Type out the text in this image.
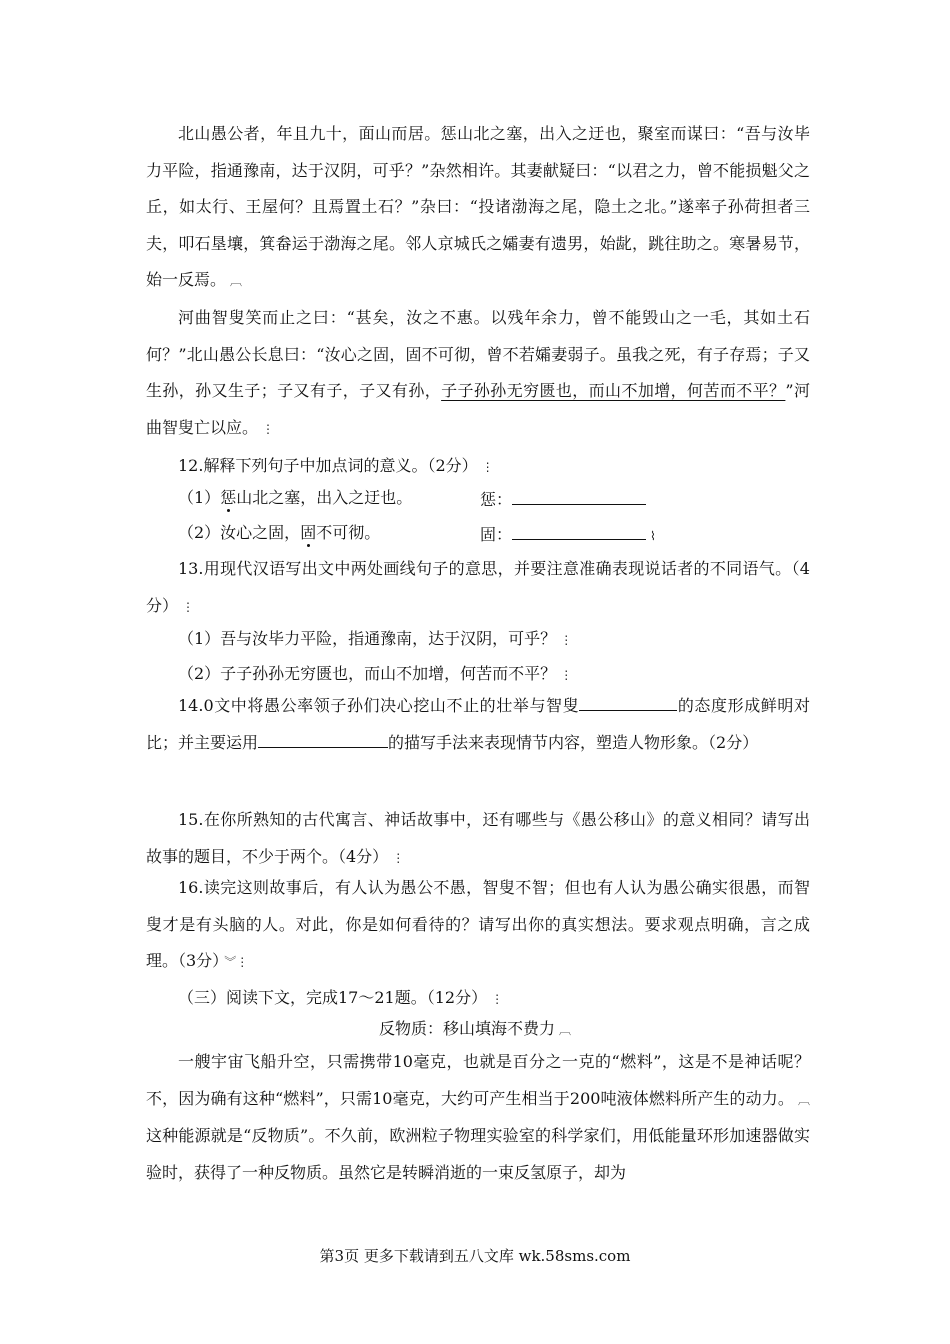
北山愚公者，年且九十，面山而居。惩山北之塞，出入之迂也，聚室而谋曰：“吾与汝毕力平险，指通豫南，达于汉阴，可乎？”杂然相许。其妻献疑曰：“以君之力，曾不能损魁父之丘，如太行、王屋何？且焉置土石？”杂曰：“投诸渤海之尾，隐土之北。”遂率子孙荷担者三夫，叩石垦壤，箕畚运于渤海之尾。邻人京城氏之孀妻有遗男，始龀，跳往助之。寒暑易节，始一反焉。 ︹

河曲智叟笑而止之曰：“甚矣，汝之不惠。以残年余力，曾不能毁山之一毛，其如土石何？”北山愚公长息曰：“汝心之固，固不可彻，曾不若孀妻弱子。虽我之死，有子存焉；子又生孙，孙又生子；子又有子，子又有孙，子子孙孙无穷匮也，而山不加增，何苦而不平？”河曲智叟亡以应。 ⋮

12.解释下列句子中加点词的意义。（2分） ⋮

（1）惩山北之塞，出入之迂也。	惩：

（2）汝心之固，固不可彻。	固：	⌇

13.用现代汉语写出文中两处画线句子的意思，并要注意准确表现说话者的不同语气。（4分） ⋮

（1）吾与汝毕力平险，指通豫南，达于汉阴，可乎？ ⋮

（2）子子孙孙无穷匮也，而山不加增，何苦而不平？ ⋮

14.0文中将愚公率领子孙们决心挖山不止的壮举与智叟	的态度形成鲜明对比；并主要运用	的描写手法来表现情节内容，塑造人物形象。（2分）

15.在你所熟知的古代寓言、神话故事中，还有哪些与《愚公移山》的意义相同？请写出故事的题目，不少于两个。（4分） ⋮

16.读完这则故事后，有人认为愚公不愚，智叟不智；但也有人认为愚公确实很愚，而智叟才是有头脑的人。对此，你是如何看待的？请写出你的真实想法。要求观点明确，言之成理。（3分） ︾⋮

（三）阅读下文，完成17～21题。（12分） ⋮

反物质：移山填海不费力 ︹

一艘宇宙飞船升空，只需携带10毫克，也就是百分之一克的“燃料”，这是不是神话呢？不，因为确有这种“燃料”，只需10毫克，大约可产生相当于200吨液体燃料所产生的动力。 ︹　这种能源就是“反物质”。不久前，欧洲粒子物理实验室的科学家们，用低能量环形加速器做实验时，获得了一种反物质。虽然它是转瞬消逝的一束反氢原子，却为

第3页 更多下载请到五八文库 wk.58sms.com
